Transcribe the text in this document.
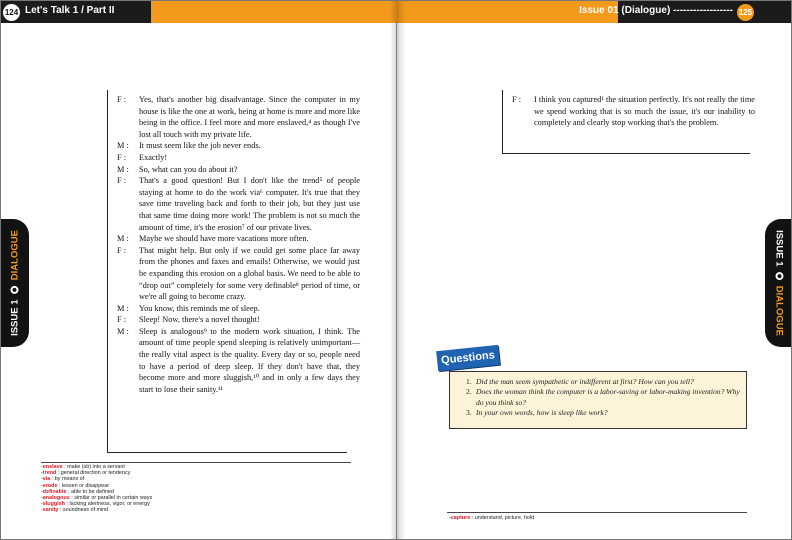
124 Let's Talk 1 / Part II
ISSUE 1  DIALOGUE
F :	Yes, that's another big disadvantage. Since the computer in my house is like the one at work, being at home is more and more like being in the office. I feel more and more enslaved,⁴ as though I've lost all touch with my private life.
M :	It must seem like the job never ends.
F :	Exactly!
M :	So, what can you do about it?
F :	That's a good question! But I don't like the trend⁵ of people staying at home to do the work via⁶ computer. It's true that they save time traveling back and forth to their job, but they just use that same time doing more work! The problem is not so much the amount of time, it's the erosion⁷ of our private lives.
M :	Maybe we should have more vacations more often.
F :	That might help. But only if we could get some place far away from the phones and faxes and emails! Otherwise, we would just be expanding this erosion on a global basis. We need to be able to “drop out” completely for some very definable⁸ period of time, or we're all going to become crazy.
M :	You know, this reminds me of sleep.
F :	Sleep! Now, there's a novel thought!
M :	Sleep is analogous⁹ to the modern work situation, I think. The amount of time people spend sleeping is relatively unimportant—the really vital aspect is the quality. Every day or so, people need to have a period of deep sleep. If they don't have that, they become more and more sluggish,¹⁰ and in only a few days they start to lose their sanity.¹¹
-enslave : make (sb) into a servant
-trend : general direction or tendency
-via : by means of
-erode : lessen or disappear
-definable : able to be defined
-analogous : similar or parallel in certain ways
-sluggish : lacking alertness, vigor, or energy
-sanity : soundness of mind
Issue 01 (Dialogue) ------------------ 125
ISSUE 1  DIALOGUE
F :	I think you captured¹ the situation perfectly. It's not really the time we spend working that is so much the issue, it's our inability to completely and clearly stop working that's the problem.
Questions
1. Did the man seem sympathetic or indifferent at first? How can you tell?
2. Does the woman think the computer is a labor-saving or labor-making invention? Why do you think so?
3. In your own words, how is sleep like work?
-capture : understand, picture, hold
